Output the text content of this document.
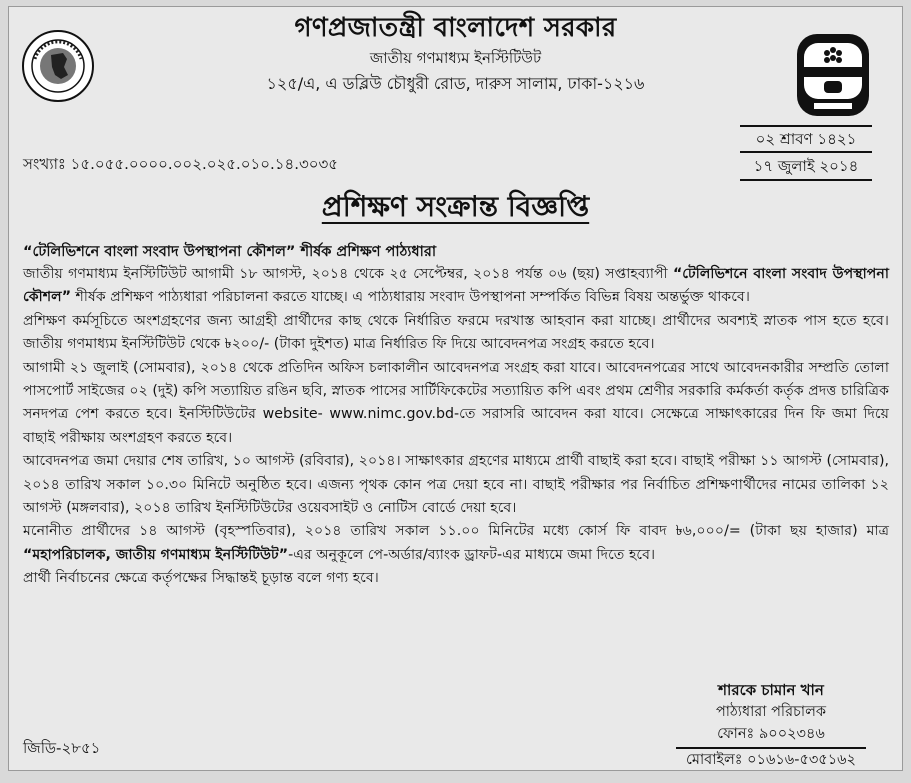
গণপ্রজাতন্ত্রী বাংলাদেশ সরকার
জাতীয় গণমাধ্যম ইনস্টিটিউট
১২৫/এ, এ ডব্লিউ চৌধুরী রোড, দারুস সালাম, ঢাকা-১২১৬
০২ শ্রাবণ ১৪২১
১৭ জুলাই ২০১৪
সংখ্যাঃ ১৫.০৫৫.০০০০.০০২.০২৫.০১০.১৪.৩০৩৫
প্রশিক্ষণ সংক্রান্ত বিজ্ঞপ্তি
“টেলিভিশনে বাংলা সংবাদ উপস্থাপনা কৌশল” শীর্ষক প্রশিক্ষণ পাঠ্যধারা

জাতীয় গণমাধ্যম ইনস্টিটিউট আগামী ১৮ আগস্ট, ২০১৪ থেকে ২৫ সেপ্টেম্বর, ২০১৪ পর্যন্ত ০৬ (ছয়) সপ্তাহব্যাপী “টেলিভিশনে বাংলা সংবাদ উপস্থাপনা কৌশল” শীর্ষক প্রশিক্ষণ পাঠ্যধারা পরিচালনা করতে যাচ্ছে। এ পাঠ্যধারায় সংবাদ উপস্থাপনা সম্পর্কিত বিভিন্ন বিষয় অন্তর্ভুক্ত থাকবে।

প্রশিক্ষণ কর্মসূচিতে অংশগ্রহণের জন্য আগ্রহী প্রার্থীদের কাছ থেকে নির্ধারিত ফরমে দরখাস্ত আহবান করা যাচ্ছে। প্রার্থীদের অবশ্যই স্নাতক পাস হতে হবে। জাতীয় গণমাধ্যম ইনস্টিটিউট থেকে ৳২০০/- (টাকা দুইশত) মাত্র নির্ধারিত ফি দিয়ে আবেদনপত্র সংগ্রহ করতে হবে।

আগামী ২১ জুলাই (সোমবার), ২০১৪ থেকে প্রতিদিন অফিস চলাকালীন আবেদনপত্র সংগ্রহ করা যাবে। আবেদনপত্রের সাথে আবেদনকারীর সম্প্রতি তোলা পাসপোর্ট সাইজের ০২ (দুই) কপি সত্যায়িত রঙিন ছবি, স্নাতক পাসের সার্টিফিকেটের সত্যায়িত কপি এবং প্রথম শ্রেণীর সরকারি কর্মকর্তা কর্তৃক প্রদত্ত চারিত্রিক সনদপত্র পেশ করতে হবে। ইনস্টিটিউটের website- www.nimc.gov.bd-তে সরাসরি আবেদন করা যাবে। সেক্ষেত্রে সাক্ষাৎকারের দিন ফি জমা দিয়ে বাছাই পরীক্ষায় অংশগ্রহণ করতে হবে।

আবেদনপত্র জমা দেয়ার শেষ তারিখ, ১০ আগস্ট (রবিবার), ২০১৪। সাক্ষাৎকার গ্রহণের মাধ্যমে প্রার্থী বাছাই করা হবে। বাছাই পরীক্ষা ১১ আগস্ট (সোমবার), ২০১৪ তারিখ সকাল ১০.৩০ মিনিটে অনুষ্ঠিত হবে। এজন্য পৃথক কোন পত্র দেয়া হবে না। বাছাই পরীক্ষার পর নির্বাচিত প্রশিক্ষণার্থীদের নামের তালিকা ১২ আগস্ট (মঙ্গলবার), ২০১৪ তারিখ ইনস্টিটিউটের ওয়েবসাইট ও নোটিস বোর্ডে দেয়া হবে।

মনোনীত প্রার্থীদের ১৪ আগস্ট (বৃহস্পতিবার), ২০১৪ তারিখ সকাল ১১.০০ মিনিটের মধ্যে কোর্স ফি বাবদ ৳৬,০০০/= (টাকা ছয় হাজার) মাত্র “মহাপরিচালক, জাতীয় গণমাধ্যম ইনস্টিটিউট”-এর অনুকূলে পে-অর্ডার/ব্যাংক ড্রাফট-এর মাধ্যমে জমা দিতে হবে।

প্রার্থী নির্বাচনের ক্ষেত্রে কর্তৃপক্ষের সিদ্ধান্তই চূড়ান্ত বলে গণ্য হবে।

শারকে চামান খান
পাঠ্যধারা পরিচালক
ফোনঃ ৯০০২৩৪৬
মোবাইলঃ ০১৬১৬-৫৩৫১৬২
জিডি-২৮৫১
